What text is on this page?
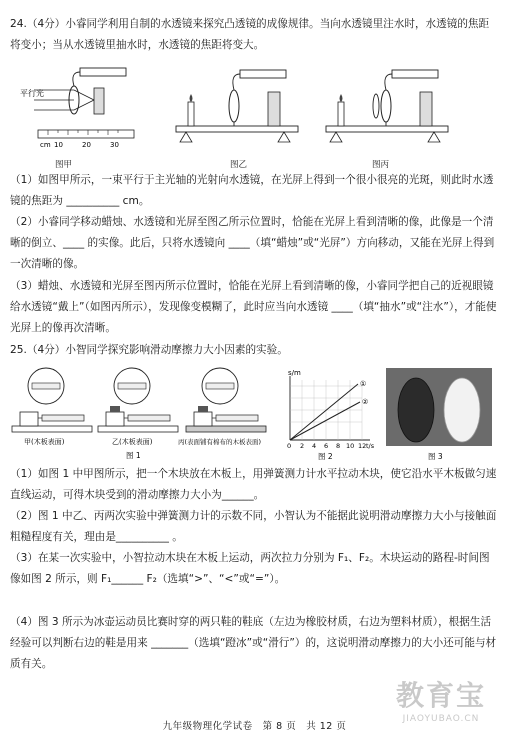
24.（4分）小睿同学利用自制的水透镜来探究凸透镜的成像规律。当向水透镜里注水时，水透镜的焦距将变小；当从水透镜里抽水时，水透镜的焦距将变大。
平行光
cm 10	20	30
图甲	图乙	图丙
（1）如图甲所示，一束平行于主光轴的光射向水透镜，在光屏上得到一个很小很亮的光斑，则此时水透镜的焦距为 __________ cm。
（2）小睿同学移动蜡烛、水透镜和光屏至图乙所示位置时，恰能在光屏上看到清晰的像，此像是一个清晰的倒立、____ 的实像。此后，只将水透镜向 ____（填“蜡烛”或“光屏”）方向移动，又能在光屏上得到一次清晰的像。
（3）蜡烛、水透镜和光屏至图丙所示位置时，恰能在光屏上看到清晰的像，小睿同学把自己的近视眼镜给水透镜“戴上”（如图丙所示），发现像变模糊了，此时应当向水透镜 ____（填“抽水”或“注水”），才能使光屏上的像再次清晰。
25.（4分）小智同学探究影响滑动摩擦力大小因素的实验。
甲(木板表面)	乙(木板表面)	丙(表面铺有棉布的木板表面)
图 1
s/m
①
②
0 2 4 6 8 10 12 t/s
图 2	图 3
（1）如图 1 中甲图所示，把一个木块放在木板上，用弹簧测力计水平拉动木块，使它沿水平木板做匀速直线运动，可得木块受到的滑动摩擦力大小为______。
（2）图 1 中乙、丙两次实验中弹簧测力计的示数不同，小智认为不能据此说明滑动摩擦力大小与接触面粗糙程度有关，理由是__________ 。
（3）在某一次实验中，小智拉动木块在木板上运动，两次拉力分别为 F₁、F₂。木块运动的路程-时间图像如图 2 所示，则 F₁______ F₂（选填“>”、“<”或“=”）。
（4）图 3 所示为冰壶运动员比赛时穿的两只鞋的鞋底（左边为橡胶材质，右边为塑料材质），根据生活经验可以判断右边的鞋是用来 _______（选填“蹬冰”或“滑行”）的，这说明滑动摩擦力的大小还可能与材质有关。
教育宝
JIAOYUBAO.CN
九年级物理化学试卷　第 8 页　共 12 页
